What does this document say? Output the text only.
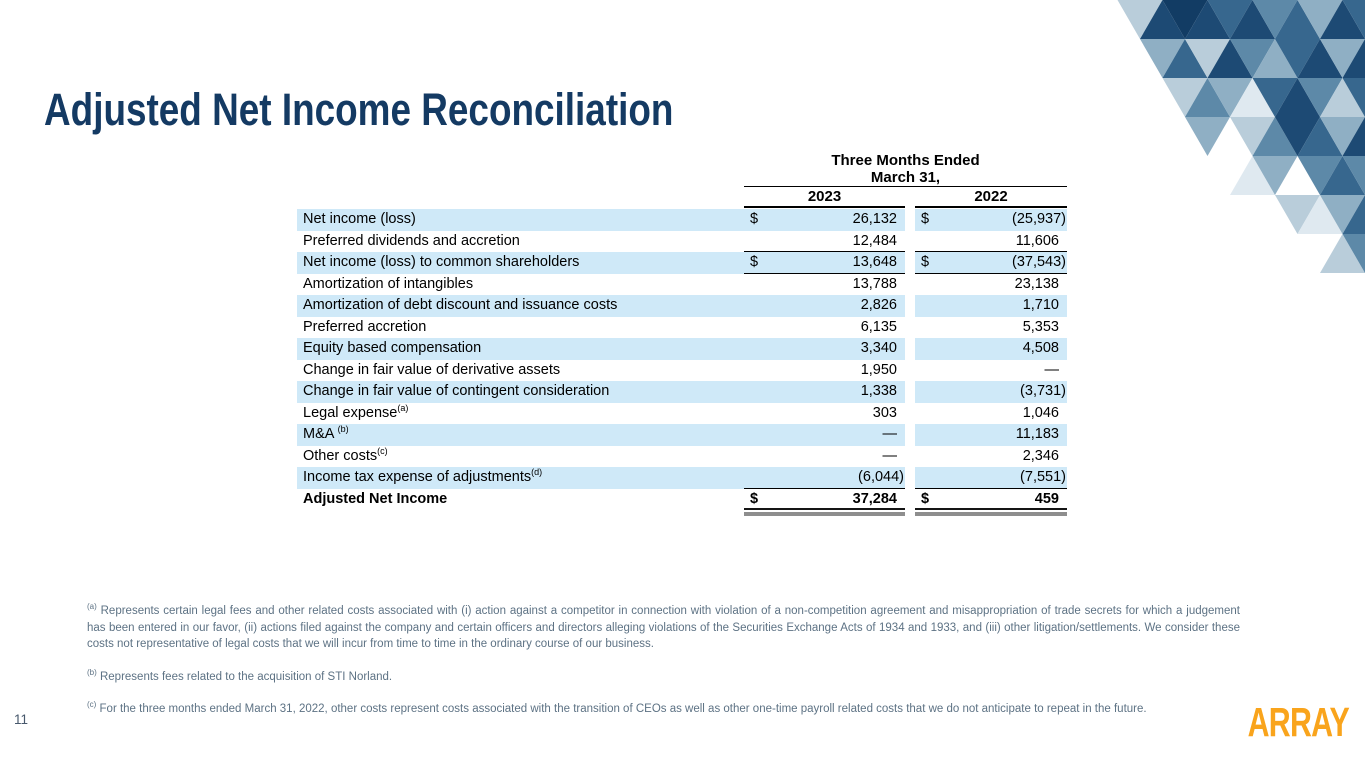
Adjusted Net Income Reconciliation
Three Months Ended
March 31,
2023	2022
Net income (loss)	$	26,132 $	(25,937)
Preferred dividends and accretion	12,484	11,606
Net income (loss) to common shareholders	$	13,648 $	(37,543)
Amortization of intangibles	13,788	23,138
Amortization of debt discount and issuance costs	2,826	1,710
Preferred accretion	6,135	5,353
Equity based compensation	3,340	4,508
Change in fair value of derivative assets	1,950	—
Change in fair value of contingent consideration	1,338	(3,731)
Legal expense$^{(a)}$	303	1,046
M&A $^{(b)}$	—	11,183
Other costs$^{(c)}$	—	2,346
Income tax expense of adjustments$^{(d)}$	(6,044)	(7,551)
Adjusted Net Income	$	37,284 $	459

$^{(a)}$ Represents certain legal fees and other related costs associated with (i) action against a competitor in connection with violation of a non-competition agreement and misappropriation of trade secrets for which a judgement has been entered in our favor, (ii) actions filed against the company and certain officers and directors alleging violations of the Securities Exchange Acts of 1934 and 1933, and (iii) other litigation/settlements. We consider these costs not representative of legal costs that we will incur from time to time in the ordinary course of our business.

$^{(b)}$ Represents fees related to the acquisition of STI Norland.

$^{(c)}$ For the three months ended March 31, 2022, other costs represent costs associated with the transition of CEOs as well as other one-time payroll related costs that we do not anticipate to repeat in the future.

11	ARRAY
